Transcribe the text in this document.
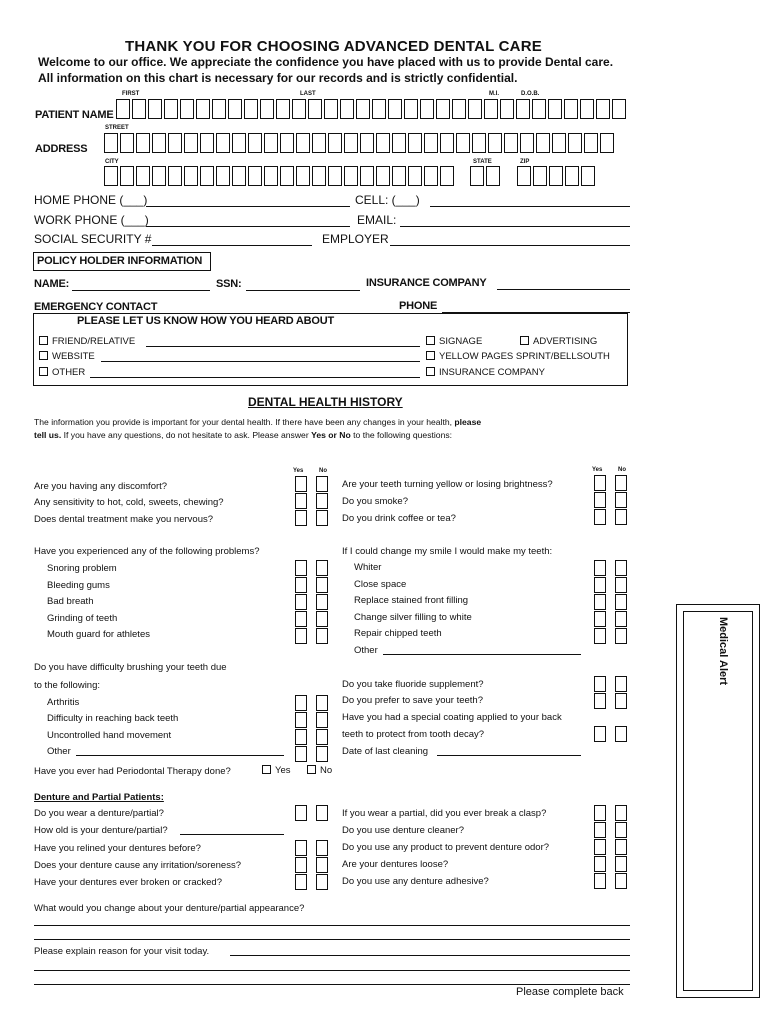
THANK YOU FOR CHOOSING ADVANCED DENTAL CARE
Welcome to our office. We appreciate the confidence you have placed with us to provide Dental care.
All information on this chart is necessary for our records and is strictly confidential.
FIRST	LAST	M.I.	D.O.B.
PATIENT NAME
STREET
ADDRESS
CITY	STATE	ZIP
HOME PHONE (___)	CELL: (___)
WORK PHONE (___)	EMAIL:
SOCIAL SECURITY #	EMPLOYER
POLICY HOLDER INFORMATION
NAME:	SSN:	INSURANCE COMPANY
EMERGENCY CONTACT	PHONE
PLEASE LET US KNOW HOW YOU HEARD ABOUT
FRIEND/RELATIVE
WEBSITE
OTHER
SIGNAGE	ADVERTISING
YELLOW PAGES SPRINT/BELLSOUTH
INSURANCE COMPANY
DENTAL HEALTH HISTORY
The information you provide is important for your dental health. If there have been any changes in your health, please
tell us. If you have any questions, do not hesitate to ask. Please answer Yes or No to the following questions:
Yes	No	Yes	No
Are you having any discomfort?
Any sensitivity to hot, cold, sweets, chewing?
Does dental treatment make you nervous?
Are your teeth turning yellow or losing brightness?
Do you smoke?
Do you drink coffee or tea?
Have you experienced any of the following problems?
Snoring problem
Bleeding gums
Bad breath
Grinding of teeth
Mouth guard for athletes
If I could change my smile I would make my teeth:
Whiter
Close space
Replace stained front filling
Change silver filling to white
Repair chipped teeth
Other
Do you have difficulty brushing your teeth due
to the following:
Arthritis
Difficulty in reaching back teeth
Uncontrolled hand movement
Other
Do you take fluoride supplement?
Do you prefer to save your teeth?
Have you had a special coating applied to your back
teeth to protect from tooth decay?
Date of last cleaning
Have you ever had Periodontal Therapy done?	Yes	No
Denture and Partial Patients:
Do you wear a denture/partial?
How old is your denture/partial?
Have you relined your dentures before?
Does your denture cause any irritation/soreness?
Have your dentures ever broken or cracked?
If you wear a partial, did you ever break a clasp?
Do you use denture cleaner?
Do you use any product to prevent denture odor?
Are your dentures loose?
Do you use any denture adhesive?
What would you change about your denture/partial appearance?
Please explain reason for your visit today.
Please complete back
Medical Alert
